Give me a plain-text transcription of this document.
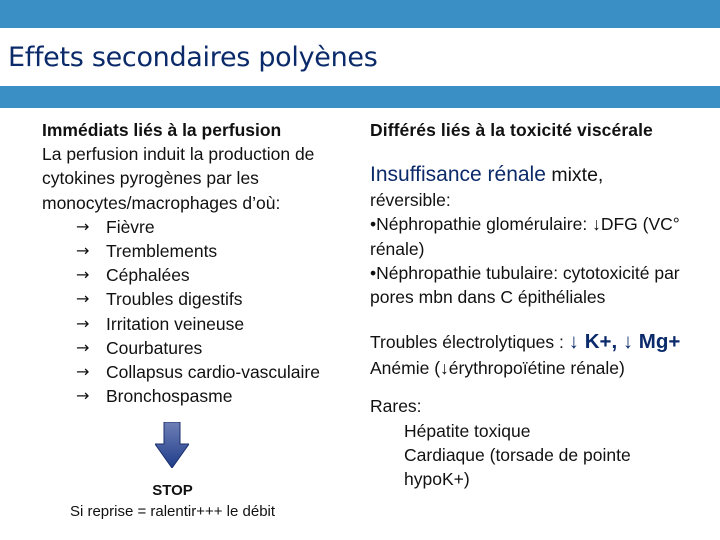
Effets secondaires polyènes
Immédiats liés à la perfusion
La perfusion induit la production de cytokines pyrogènes par les monocytes/macrophages d’où:
→ Fièvre
→ Tremblements
→ Céphalées
→ Troubles digestifs
→ Irritation veineuse
→ Courbatures
→ Collapsus cardio-vasculaire
→ Bronchospasme
STOP
Si reprise = ralentir+++ le débit
Différés liés à la toxicité viscérale
Insuffisance rénale mixte,
réversible:
•Néphropathie glomérulaire: ↓DFG (VC° rénale)
•Néphropathie tubulaire: cytotoxicité par pores mbn dans C épithéliales
Troubles électrolytiques : ↓ K+, ↓ Mg+
Anémie (↓érythropoïétine rénale)
Rares:
Hépatite toxique
Cardiaque (torsade de pointe hypoK+)
